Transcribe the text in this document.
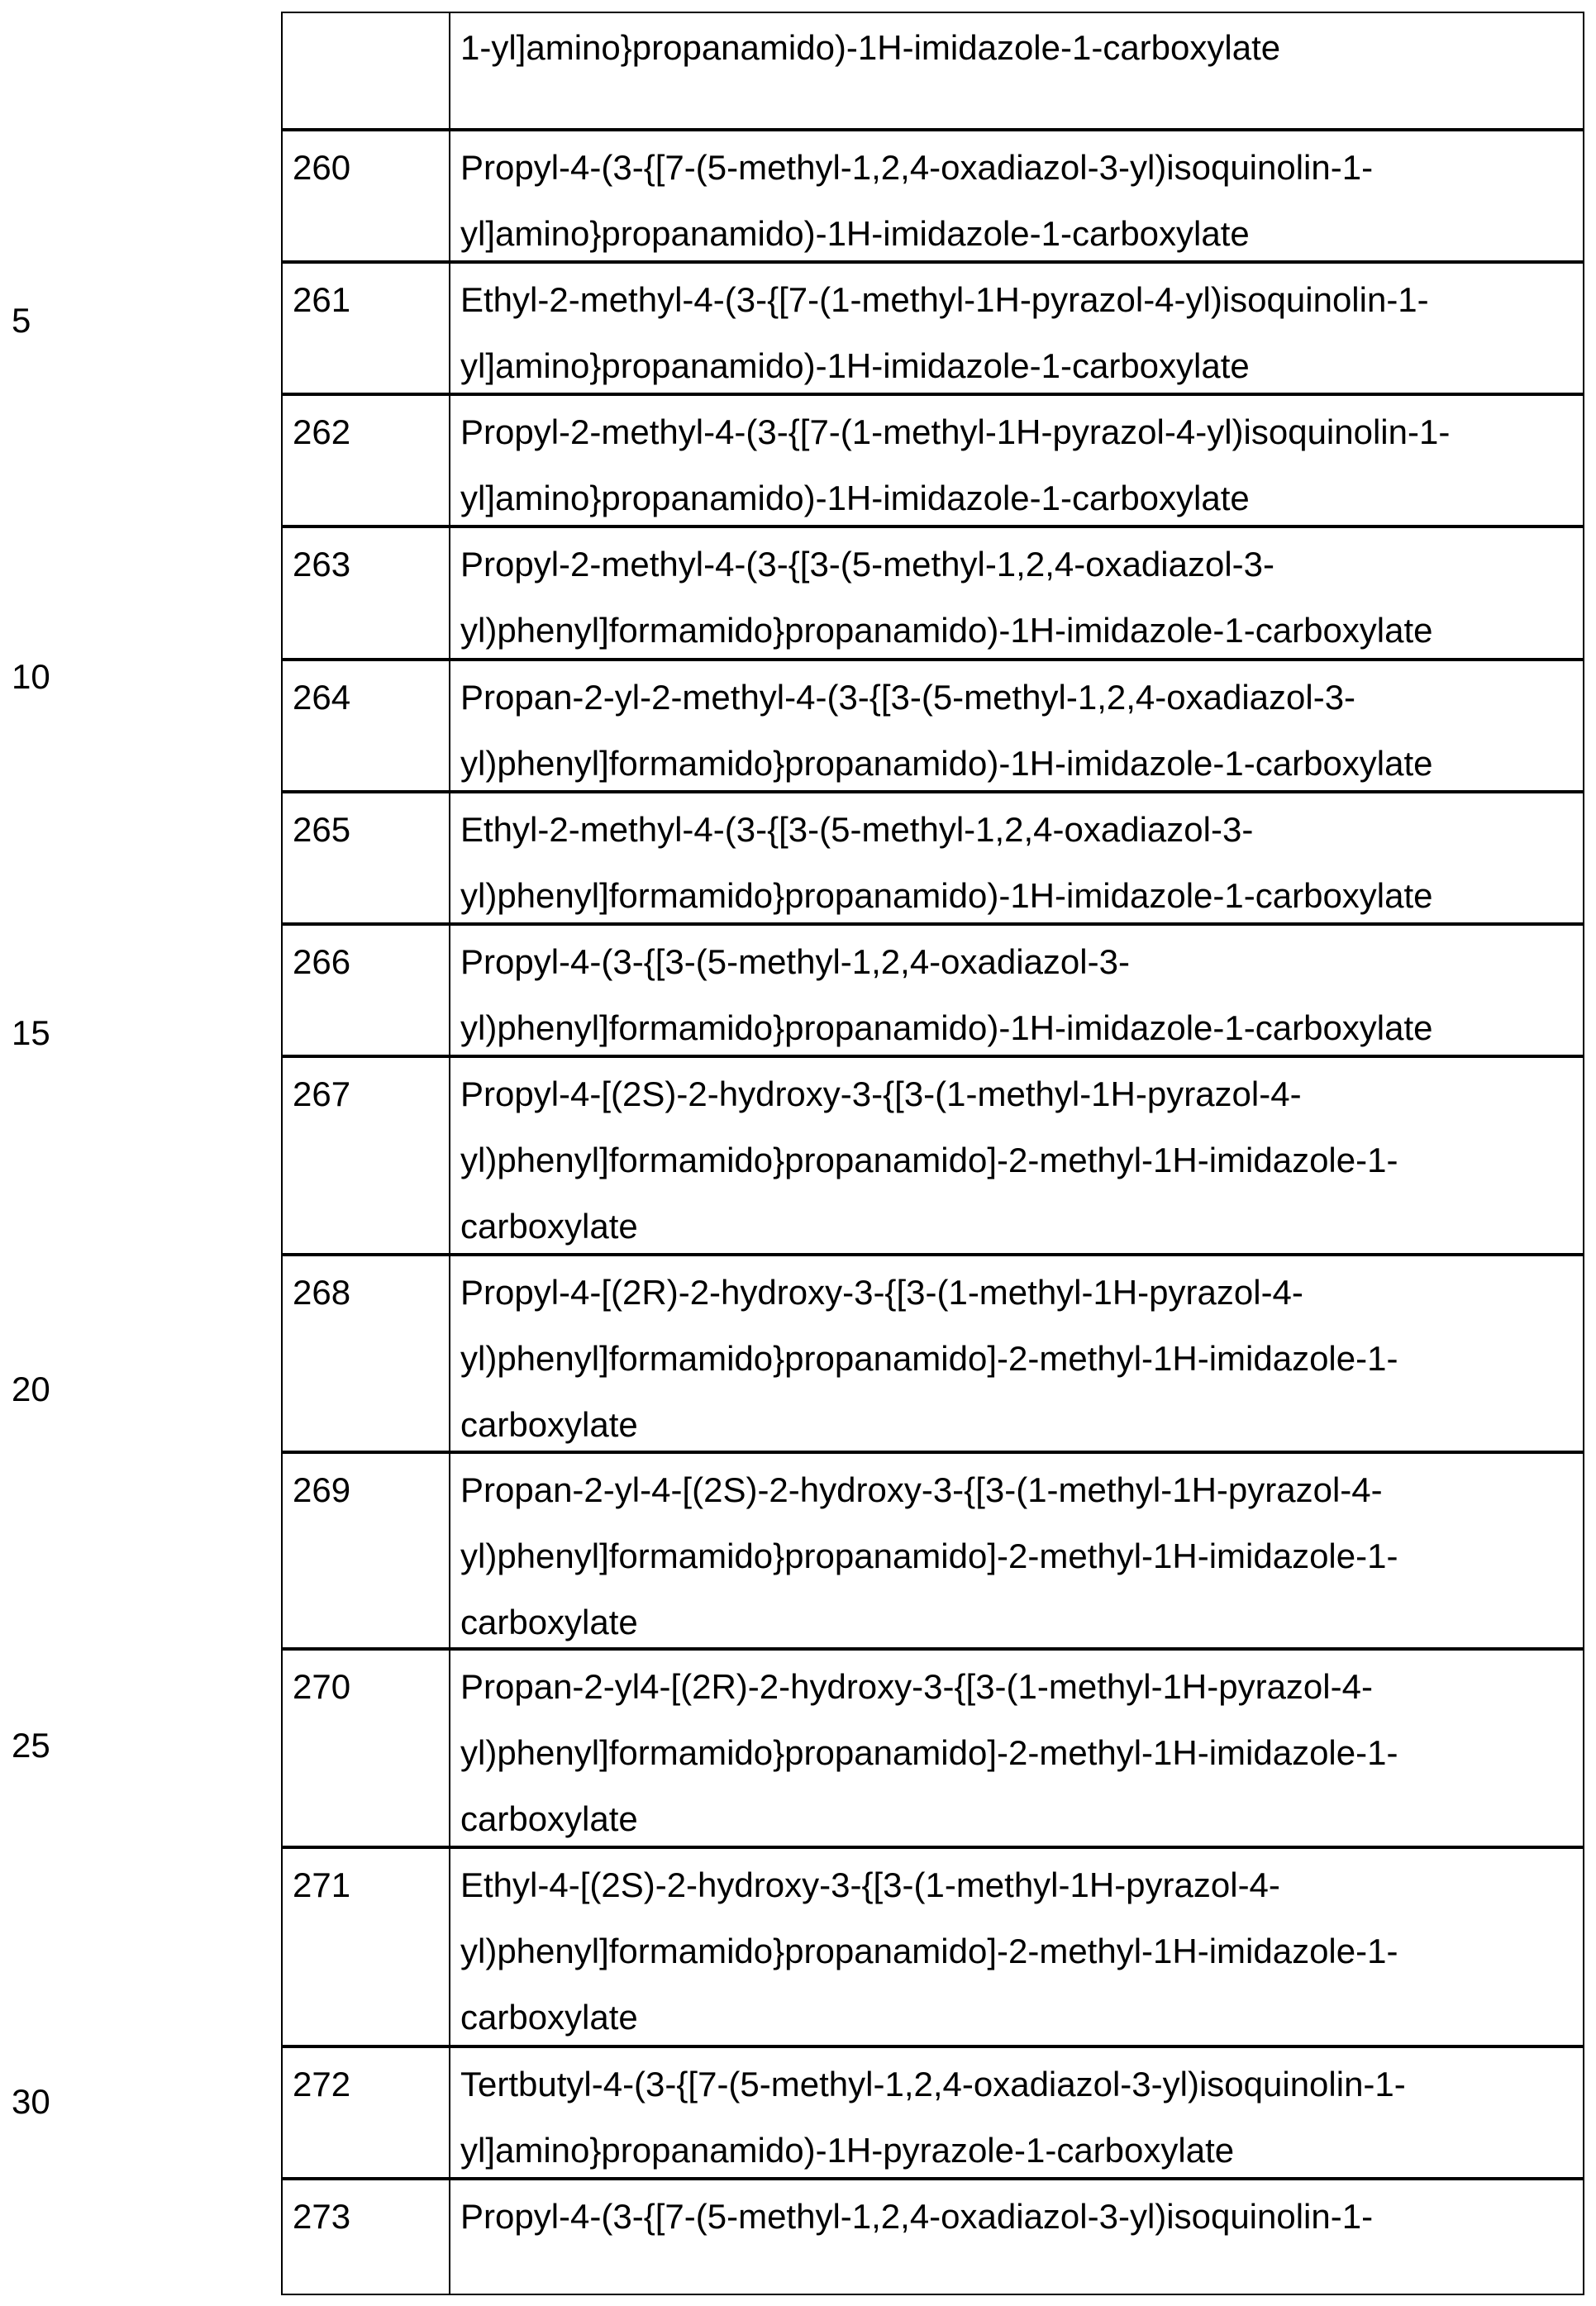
5
10
15
20
25
30
1-yl]amino}propanamido)-1H-imidazole-1-carboxylate
260	Propyl-4-(3-{[7-(5-methyl-1,2,4-oxadiazol-3-yl)isoquinolin-1-
yl]amino}propanamido)-1H-imidazole-1-carboxylate
261	Ethyl-2-methyl-4-(3-{[7-(1-methyl-1H-pyrazol-4-yl)isoquinolin-1-
yl]amino}propanamido)-1H-imidazole-1-carboxylate
262	Propyl-2-methyl-4-(3-{[7-(1-methyl-1H-pyrazol-4-yl)isoquinolin-1-
yl]amino}propanamido)-1H-imidazole-1-carboxylate
263	Propyl-2-methyl-4-(3-{[3-(5-methyl-1,2,4-oxadiazol-3-
yl)phenyl]formamido}propanamido)-1H-imidazole-1-carboxylate
264	Propan-2-yl-2-methyl-4-(3-{[3-(5-methyl-1,2,4-oxadiazol-3-
yl)phenyl]formamido}propanamido)-1H-imidazole-1-carboxylate
265	Ethyl-2-methyl-4-(3-{[3-(5-methyl-1,2,4-oxadiazol-3-
yl)phenyl]formamido}propanamido)-1H-imidazole-1-carboxylate
266	Propyl-4-(3-{[3-(5-methyl-1,2,4-oxadiazol-3-
yl)phenyl]formamido}propanamido)-1H-imidazole-1-carboxylate
267	Propyl-4-[(2S)-2-hydroxy-3-{[3-(1-methyl-1H-pyrazol-4-
yl)phenyl]formamido}propanamido]-2-methyl-1H-imidazole-1-
carboxylate
268	Propyl-4-[(2R)-2-hydroxy-3-{[3-(1-methyl-1H-pyrazol-4-
yl)phenyl]formamido}propanamido]-2-methyl-1H-imidazole-1-
carboxylate
269	Propan-2-yl-4-[(2S)-2-hydroxy-3-{[3-(1-methyl-1H-pyrazol-4-
yl)phenyl]formamido}propanamido]-2-methyl-1H-imidazole-1-
carboxylate
270	Propan-2-yl4-[(2R)-2-hydroxy-3-{[3-(1-methyl-1H-pyrazol-4-
yl)phenyl]formamido}propanamido]-2-methyl-1H-imidazole-1-
carboxylate
271	Ethyl-4-[(2S)-2-hydroxy-3-{[3-(1-methyl-1H-pyrazol-4-
yl)phenyl]formamido}propanamido]-2-methyl-1H-imidazole-1-
carboxylate
272	Tertbutyl-4-(3-{[7-(5-methyl-1,2,4-oxadiazol-3-yl)isoquinolin-1-
yl]amino}propanamido)-1H-pyrazole-1-carboxylate
273	Propyl-4-(3-{[7-(5-methyl-1,2,4-oxadiazol-3-yl)isoquinolin-1-
